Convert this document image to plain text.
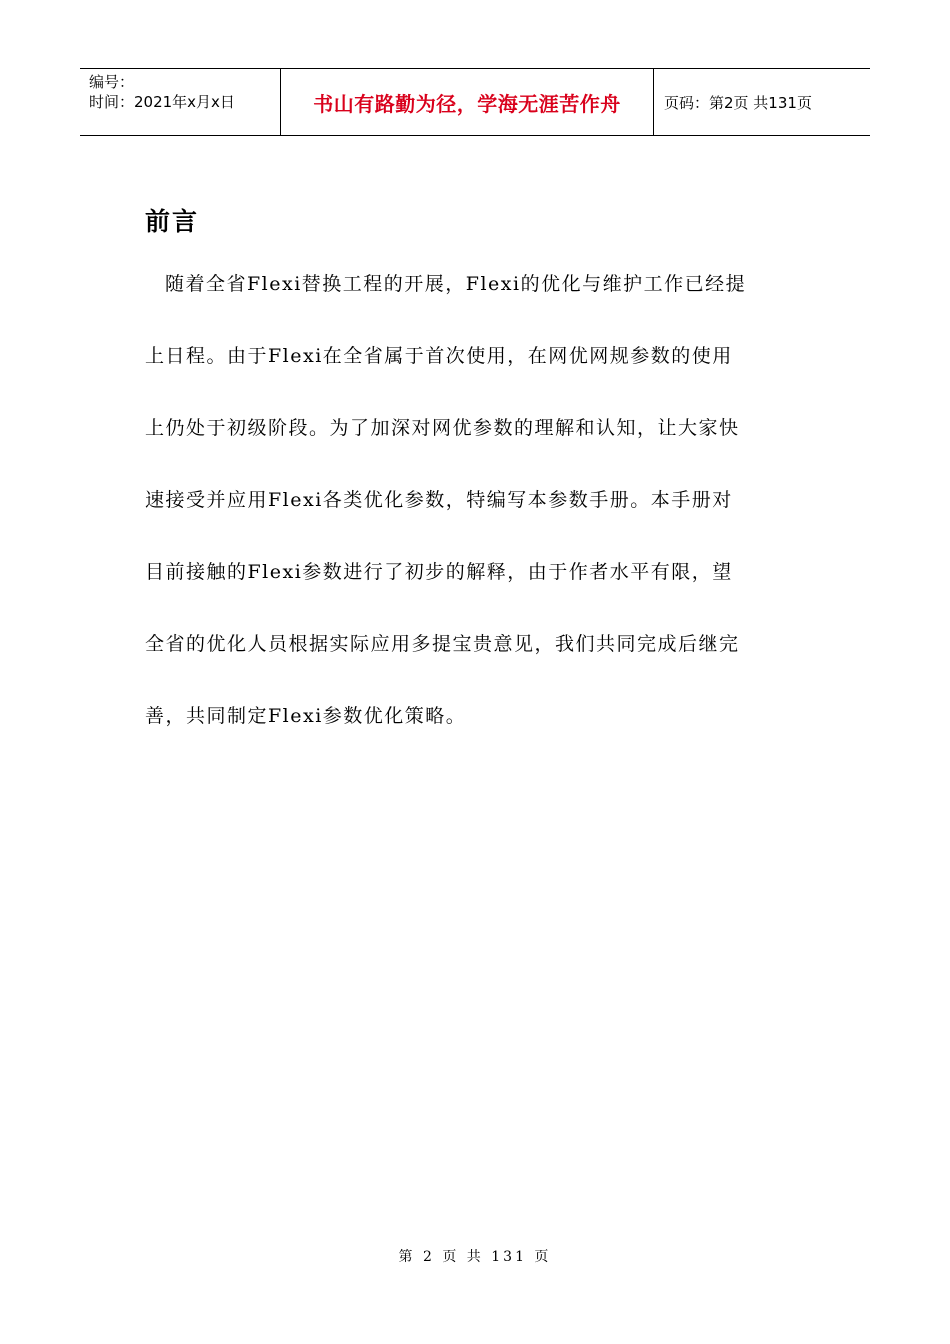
编号：
时间：2021年x月x日	书山有路勤为径，学海无涯苦作舟	页码：第2页 共131页
前言
随着全省Flexi替换工程的开展，Flexi的优化与维护工作已经提
上日程。由于Flexi在全省属于首次使用，在网优网规参数的使用
上仍处于初级阶段。为了加深对网优参数的理解和认知，让大家快
速接受并应用Flexi各类优化参数，特编写本参数手册。本手册对
目前接触的Flexi参数进行了初步的解释，由于作者水平有限，望
全省的优化人员根据实际应用多提宝贵意见，我们共同完成后继完
善，共同制定Flexi参数优化策略。
第 2 页 共 131 页
